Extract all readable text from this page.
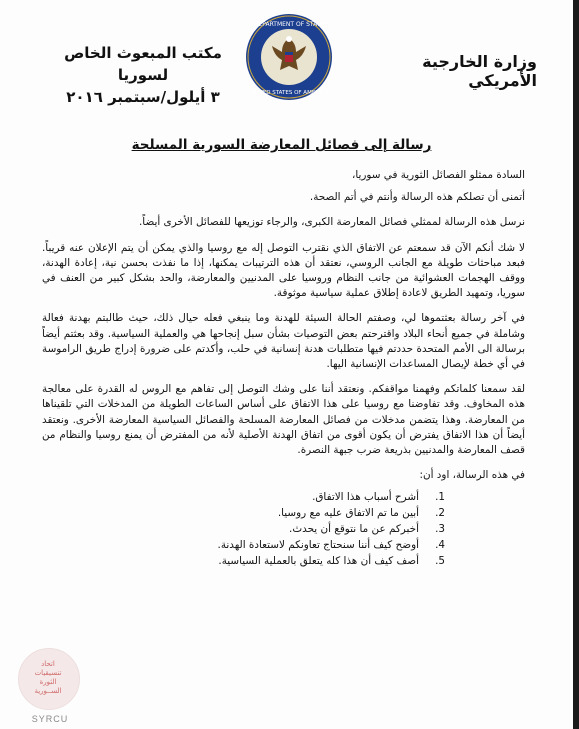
وزارة الخارجية الأمريكي
DEPARTMENT OF STATE
UNITED STATES OF AMERICA
مكتب المبعوث الخاص لسوريا
٣ أيلول/سبتمبر ٢٠١٦
رسالة إلى فصائل المعارضة السورية المسلحة

السادة ممثلو الفصائل الثورية في سوريا،

أتمنى أن تصلكم هذه الرسالة وأنتم في أتم الصحة.

نرسل هذه الرسالة لممثلي فصائل المعارضة الكبرى، والرجاء توزيعها للفصائل الأخرى أيضاً.

لا شك أنكم الآن قد سمعتم عن الاتفاق الذي نقترب التوصل إله مع روسيا والذي يمكن أن يتم الإعلان عنه قريباً. فبعد مباحثات طويلة مع الجانب الروسي، نعتقد أن هذه الترتيبات يمكنها، إذا ما نفذت بحسن نية، إعادة الهدنة، ووقف الهجمات العشوائية من جانب النظام وروسيا على المدنيين والمعارضة، والحد بشكل كبير من العنف في سوريا، وتمهيد الطريق لاعادة إطلاق عملية سياسية موثوقة.

في آخر رسالة بعثتموها لي، وصفتم الحالة السيئة للهدنة وما ينبغي فعله حيال ذلك، حيث طالبتم بهدنة فعالة وشاملة في جميع أنحاء البلاد واقترحتم بعض التوصيات بشأن سبل إنجاحها هي والعملية السياسية. وقد بعثتم أيضاً برسالة الى الأمم المتحدة حددتم فيها متطلبات هدنة إنسانية في حلب، وأكدتم على ضرورة إدراج طريق الراموسة في أي خطة لإيصال المساعدات الإنسانية اليها.

لقد سمعنا كلماتكم وفهمنا مواقفكم. ونعتقد أننا على وشك التوصل إلى تفاهم مع الروس له القدرة على معالجة هذه المخاوف. وقد تفاوضنا مع روسيا على هذا الاتفاق على أساس الساعات الطويلة من المدخلات التي تلقيناها من المعارضة. وهذا يتضمن مدخلات من فصائل المعارضة المسلحة والفصائل السياسية المعارضة الأخرى. ونعتقد أيضاً أن هذا الاتفاق يفترض أن يكون أقوى من اتفاق الهدنة الأصلية لأنه من المفترض أن يمنع روسيا والنظام من قصف المعارضة والمدنيين بذريعة ضرب جبهة النصرة.

في هذه الرسالة، اود أن:

1.أشرح أسباب هذا الاتفاق.
2.أبين ما تم الاتفاق عليه مع روسيا.
3.أخبركم عن ما نتوقع أن يحدث.
4.أوضح كيف أننا سنحتاج تعاونكم لاستعادة الهدنة.
5.أصف كيف أن هذا كله يتعلق بالعملية السياسية.
اتحاد
تنسيقيات
الثورة
الســورية
SYRCU
